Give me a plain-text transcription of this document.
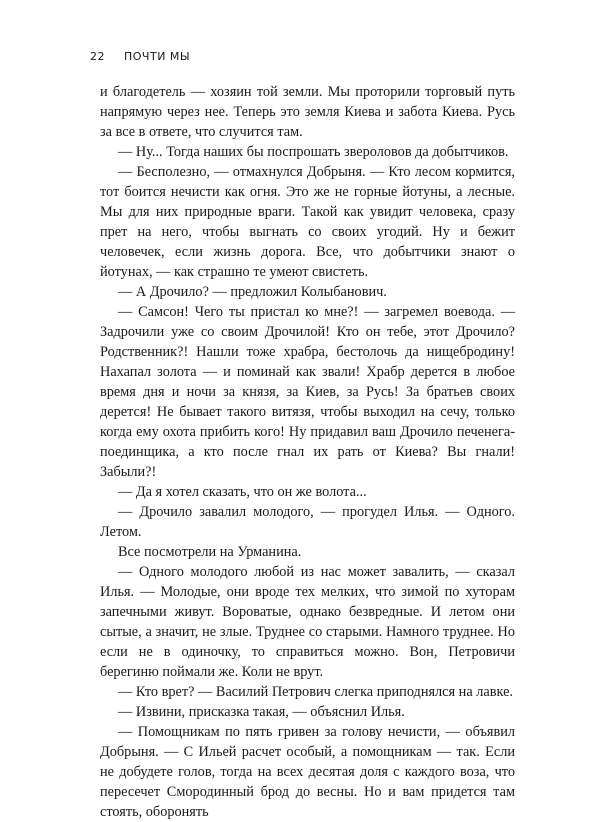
22 ПОЧТИ МЫ

и благодетель — хозяин той земли. Мы проторили торговый путь напрямую через нее. Теперь это земля Киева и забота Киева. Русь за все в ответе, что случится там.

— Ну... Тогда наших бы поспрошать звероловов да добытчиков.

— Бесполезно, — отмахнулся Добрыня. — Кто лесом кормится, тот боится нечисти как огня. Это же не горные йотуны, а лесные. Мы для них природные враги. Такой как увидит человека, сразу прет на него, чтобы выгнать со своих угодий. Ну и бежит человечек, если жизнь дорога. Все, что добытчики знают о йотунах, — как страшно те умеют свистеть.

— А Дрочило? — предложил Колыбанович.

— Самсон! Чего ты пристал ко мне?! — загремел воевода. — Задрочили уже со своим Дрочилой! Кто он тебе, этот Дрочило? Родственник?! Нашли тоже храбра, бестолочь да нищебродину! Нахапал золота — и поминай как звали! Храбр дерется в любое время дня и ночи за князя, за Киев, за Русь! За братьев своих дерется! Не бывает такого витязя, чтобы выходил на сечу, только когда ему охота прибить кого! Ну придавил ваш Дрочило печенега-поединщика, а кто после гнал их рать от Киева? Вы гнали! Забыли?!

— Да я хотел сказать, что он же волота...

— Дрочило завалил молодого, — прогудел Илья. — Одного. Летом.

Все посмотрели на Урманина.

— Одного молодого любой из нас может завалить, — сказал Илья. — Молодые, они вроде тех мелких, что зимой по хуторам запечными живут. Вороватые, однако безвредные. И летом они сытые, а значит, не злые. Труднее со старыми. Намного труднее. Но если не в одиночку, то справиться можно. Вон, Петровичи берегиню поймали же. Коли не врут.

— Кто врет? — Василий Петрович слегка приподнялся на лавке.

— Извини, присказка такая, — объяснил Илья.

— Помощникам по пять гривен за голову нечисти, — объявил Добрыня. — С Ильей расчет особый, а помощникам — так. Если не добудете голов, тогда на всех десятая доля с каждого воза, что пересечет Смородинный брод до весны. Но и вам придется там стоять, оборонять
